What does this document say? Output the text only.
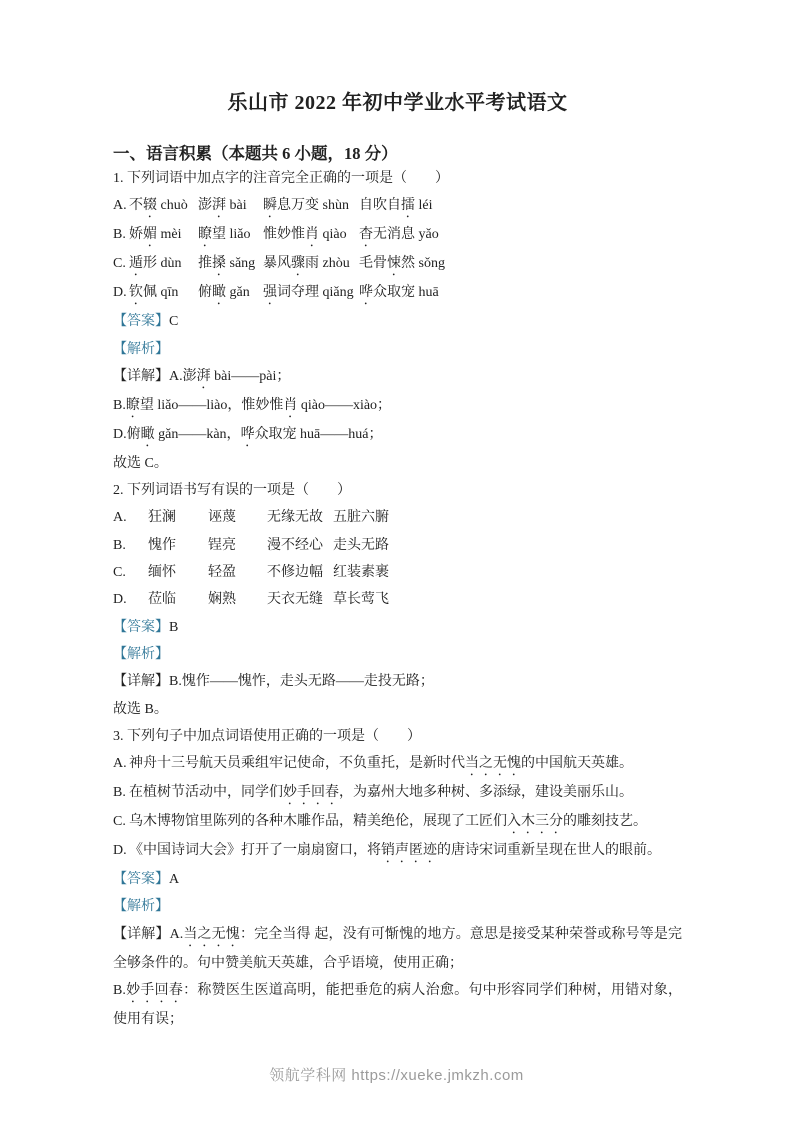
乐山市 2022 年初中学业水平考试语文
一、语言积累（本题共 6 小题，18 分）

1. 下列词语中加点字的注音完全正确的一项是（　　）

A. 不辍 chuò 澎湃 bài	瞬息万变 shùn 自吹自擂 léi
B. 娇媚 mèi	瞭望 liǎo 惟妙惟肖 qiào 杳无消息 yǎo
C. 遁形 dùn	推搡 sǎng 暴风骤雨 zhòu 毛骨悚然 sǒng
D. 钦佩 qīn	俯瞰 gǎn 强词夺理 qiǎng 哗众取宠 huā

【答案】C

【解析】

【详解】A.澎湃 bài——pài；

B.瞭望 liǎo——liào，惟妙惟肖 qiào——xiào；

D.俯瞰 gǎn——kàn，哗众取宠 huā——huá；

故选 C。

2. 下列词语书写有误的一项是（　　）

A.	狂澜	诬蔑	无缘无故 五脏六腑
B.	愧作	锃亮	漫不经心 走头无路
C.	缅怀	轻盈	不修边幅 红装素裹
D.	莅临	娴熟	天衣无缝 草长莺飞

【答案】B

【解析】

【详解】B.愧作——愧怍，走头无路——走投无路；

故选 B。

3. 下列句子中加点词语使用正确的一项是（　　）

A. 神舟十三号航天员乘组牢记使命，不负重托，是新时代当之无愧的中国航天英雄。
B. 在植树节活动中，同学们妙手回春，为嘉州大地多种树、多添绿，建设美丽乐山。
C. 乌木博物馆里陈列的各种木雕作品，精美绝伦，展现了工匠们入木三分的雕刻技艺。
D. 《中国诗词大会》打开了一扇扇窗口，将销声匿迹的唐诗宋词重新呈现在世人的眼前。

【答案】A

【解析】

【详解】A.当之无愧：完全当得 起，没有可惭愧的地方。意思是接受某种荣誉或称号等是完全够条件的。句中赞美航天英雄，合乎语境，使用正确；

B.妙手回春：称赞医生医道高明，能把垂危的病人治愈。句中形容同学们种树，用错对象，使用有误；

领航学科网 https://xueke.jmkzh.com
